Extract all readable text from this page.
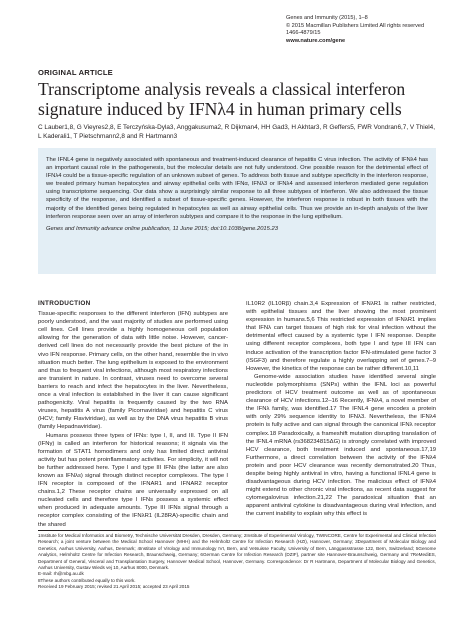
Genes and Immunity (2015), 1–8
© 2015 Macmillan Publishers Limited All rights reserved 1466-4879/15
www.nature.com/gene
ORIGINAL ARTICLE
Transcriptome analysis reveals a classical interferon signature induced by IFNλ4 in human primary cells
C Lauber1,8, G Vieyres2,8, E Terczyńska-Dyla3, Anggakusuma2, R Dijkman4, HH Gad3, H Akhtar3, R Geffers5, FWR Vondran6,7, V Thiel4, L Kaderali1, T Pietschmann2,8 and R Hartmann3

The IFNL4 gene is negatively associated with spontaneous and treatment-induced clearance of hepatitis C virus infection. The activity of IFNλ4 has an important causal role in the pathogenesis, but the molecular details are not fully understood. One possible reason for the detrimental effect of IFNλ4 could be a tissue-specific regulation of an unknown subset of genes. To address both tissue and subtype specificity in the interferon response, we treated primary human hepatocytes and airway epithelial cells with IFNα, IFNλ3 or IFNλ4 and assessed interferon mediated gene regulation using transcriptome sequencing. Our data show a surprisingly similar response to all three subtypes of interferon. We also addressed the tissue specificity of the response, and identified a subset of tissue-specific genes. However, the interferon response is robust in both tissues with the majority of the identified genes being regulated in hepatocytes as well as airway epithelial cells. Thus we provide an in-depth analysis of the liver interferon response seen over an array of interferon subtypes and compare it to the response in the lung epithelium.

Genes and Immunity advance online publication, 11 June 2015; doi:10.1038/gene.2015.23

INTRODUCTION

Tissue-specific responses to the different interferon (IFN) subtypes are poorly understood, and the vast majority of studies are performed using cell lines. Cell lines provide a highly homogeneous cell population allowing for the generation of data with little noise. However, cancer-derived cell lines do not necessarily provide the best picture of the in vivo IFN response. Primary cells, on the other hand, resemble the in vivo situation much better. The lung epithelium is exposed to the environment and thus to frequent viral infections, although most respiratory infections are transient in nature. In contrast, viruses need to overcome several barriers to reach and infect the hepatocytes in the liver. Nevertheless, once a viral infection is established in the liver it can cause significant pathogenicity. Viral hepatitis is frequently caused by the two RNA viruses, hepatitis A virus (family Picornaviridae) and hepatitis C virus (HCV; family Flaviviridae), as well as by the DNA virus hepatitis B virus (family Hepadnaviridae).

Humans possess three types of IFNs: type I, II, and III. Type II IFN (IFNγ) is called an interferon for historical reasons; it signals via the formation of STAT1 homodimers and only has limited direct antiviral activity but has potent proinflammatory activities. For simplicity, it will not be further addressed here. Type I and type III IFNs (the latter are also known as IFNλs) signal through distinct receptor complexes. The type I IFN receptor is composed of the IFNAR1 and IFNAR2 receptor chains.1,2 These receptor chains are universally expressed on all nucleated cells and therefore type I IFNs possess a systemic effect when produced in adequate amounts. Type III IFNs signal through a receptor complex consisting of the IFNλR1 (IL28RA)-specific chain and the shared

IL10R2 (IL10Rβ) chain.3,4 Expression of IFNλR1 is rather restricted, with epithelial tissues and the liver showing the most prominent expression in humans.5,6 This restricted expression of IFNλR1 implies that IFNλ can target tissues of high risk for viral infection without the detrimental effect caused by a systemic type I IFN response. Despite using different receptor complexes, both type I and type III IFN can induce activation of the transcription factor IFN-stimulated gene factor 3 (ISGF3) and therefore regulate a highly overlapping set of genes.7–9 However, the kinetics of the response can be rather different.10,11

Genome-wide association studies have identified several single nucleotide polymorphisms (SNPs) within the IFNL loci as powerful predictors of HCV treatment outcome as well as of spontaneous clearance of HCV infections.12–16 Recently, IFNλ4, a novel member of the IFNλ family, was identified.17 The IFNL4 gene encodes a protein with only 29% sequence identity to IFNλ3. Nevertheless, the IFNλ4 protein is fully active and can signal through the canonical IFNλ receptor complex.18 Paradoxically, a frameshift mutation disrupting translation of the IFNL4 mRNA (rs368234815ΔG) is strongly correlated with improved HCV clearance, both treatment induced and spontaneous.17,19 Furthermore, a direct correlation between the activity of the IFNλ4 protein and poor HCV clearance was recently demonstrated.20 Thus, despite being highly antiviral in vitro, having a functional IFNL4 gene is disadvantageous during HCV infection. The malicious effect of IFNλ4 might extend to other chronic viral infections, as recent data suggest for cytomegalovirus infection.21,22 The paradoxical situation that an apparent antiviral cytokine is disadvantageous during viral infection, and the current inability to explain why this effect is

1Institute for Medical Informatics and Biometry, Technische Universität Dresden, Dresden, Germany; 2Institute of Experimental Virology, TWINCORE, Centre for Experimental and Clinical Infection Research; a joint venture between the Medical School Hannover (MHH) and the Helmholtz Centre for Infection Research (HZI), Hannover, Germany; 3Department of Molecular Biology and Genetics, Aarhus University, Aarhus, Denmark; 4Institute of Virology and Immunology IVI, Bern, and Vetsuisse Faculty, University of Bern, Länggassstrasse 122, Bern, Switzerland; 5Genome Analytics, Helmholtz Centre for Infection Research, Braunschweig, Germany; 6German Centre for Infection Research (DZIF), partner site Hannover-Braunschweig, Germany and 7ReMediES, Department of General, Visceral and Transplantation Surgery, Hannover Medical School, Hannover, Germany. Correspondence: Dr R Hartmann, Department of Molecular Biology and Genetics, Aarhus University, Gustav Wieds vej 10, Aarhus 8000, Denmark.

E-mail: rh@mbg.au.dk

8These authors contributed equally to this work.

Received 19 February 2015; revised 21 April 2015; accepted 23 April 2015
